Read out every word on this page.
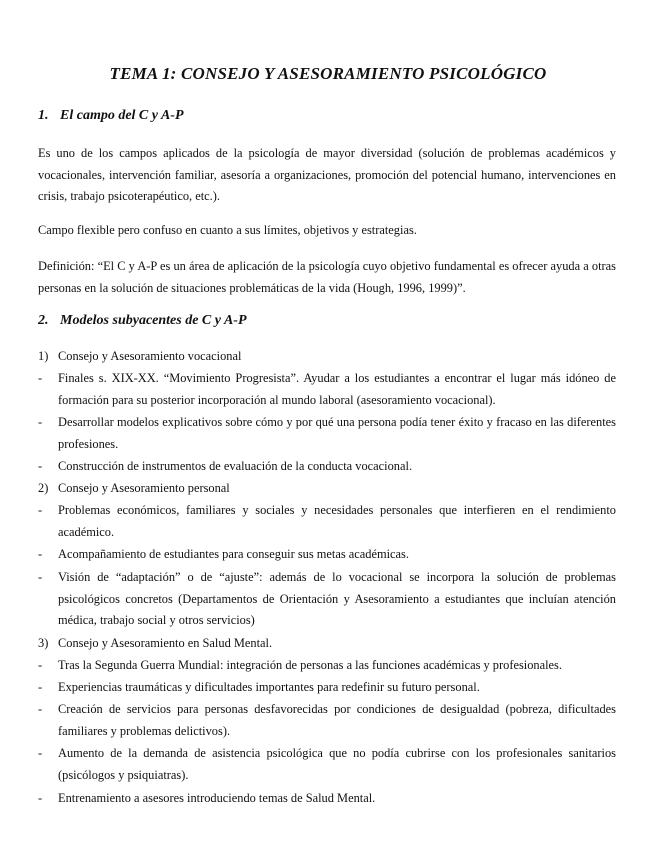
TEMA 1: CONSEJO Y ASESORAMIENTO PSICOLÓGICO
1. El campo del C y A-P
Es uno de los campos aplicados de la psicología de mayor diversidad (solución de problemas académicos y vocacionales, intervención familiar, asesoría a organizaciones, promoción del potencial humano, intervenciones en crisis, trabajo psicoterapéutico, etc.).
Campo flexible pero confuso en cuanto a sus límites, objetivos y estrategias.
Definición: “El C y A-P es un área de aplicación de la psicología cuyo objetivo fundamental es ofrecer ayuda a otras personas en la solución de situaciones problemáticas de la vida (Hough, 1996, 1999)”.
2. Modelos subyacentes de C y A-P
1) Consejo y Asesoramiento vocacional
- Finales s. XIX-XX. “Movimiento Progresista”. Ayudar a los estudiantes a encontrar el lugar más idóneo de formación para su posterior incorporación al mundo laboral (asesoramiento vocacional).
- Desarrollar modelos explicativos sobre cómo y por qué una persona podía tener éxito y fracaso en las diferentes profesiones.
- Construcción de instrumentos de evaluación de la conducta vocacional.
2) Consejo y Asesoramiento personal
- Problemas económicos, familiares y sociales y necesidades personales que interfieren en el rendimiento académico.
- Acompañamiento de estudiantes para conseguir sus metas académicas.
- Visión de “adaptación” o de “ajuste”: además de lo vocacional se incorpora la solución de problemas psicológicos concretos (Departamentos de Orientación y Asesoramiento a estudiantes que incluían atención médica, trabajo social y otros servicios)
3) Consejo y Asesoramiento en Salud Mental.
- Tras la Segunda Guerra Mundial: integración de personas a las funciones académicas y profesionales.
- Experiencias traumáticas y dificultades importantes para redefinir su futuro personal.
- Creación de servicios para personas desfavorecidas por condiciones de desigualdad (pobreza, dificultades familiares y problemas delictivos).
- Aumento de la demanda de asistencia psicológica que no podía cubrirse con los profesionales sanitarios (psicólogos y psiquiatras).
- Entrenamiento a asesores introduciendo temas de Salud Mental.
